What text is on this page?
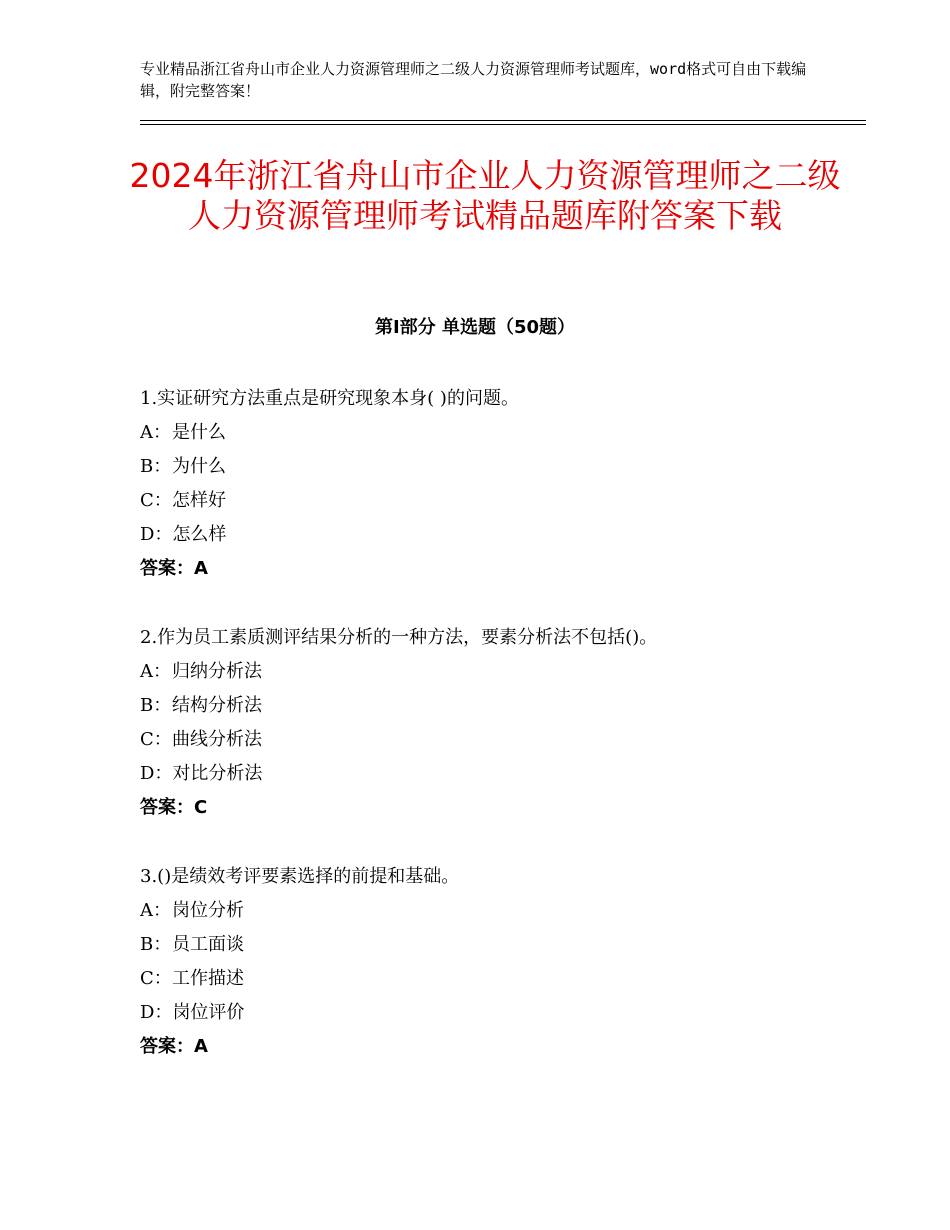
专业精品浙江省舟山市企业人力资源管理师之二级人力资源管理师考试题库，word格式可自由下载编辑，附完整答案！
2024年浙江省舟山市企业人力资源管理师之二级人力资源管理师考试精品题库附答案下载
第Ⅰ部分 单选题（50题）
1.实证研究方法重点是研究现象本身( )的问题。
A：是什么
B：为什么
C：怎样好
D：怎么样
答案：A
2.作为员工素质测评结果分析的一种方法，要素分析法不包括()。
A：归纳分析法
B：结构分析法
C：曲线分析法
D：对比分析法
答案：C
3.()是绩效考评要素选择的前提和基础。
A：岗位分析
B：员工面谈
C：工作描述
D：岗位评价
答案：A
